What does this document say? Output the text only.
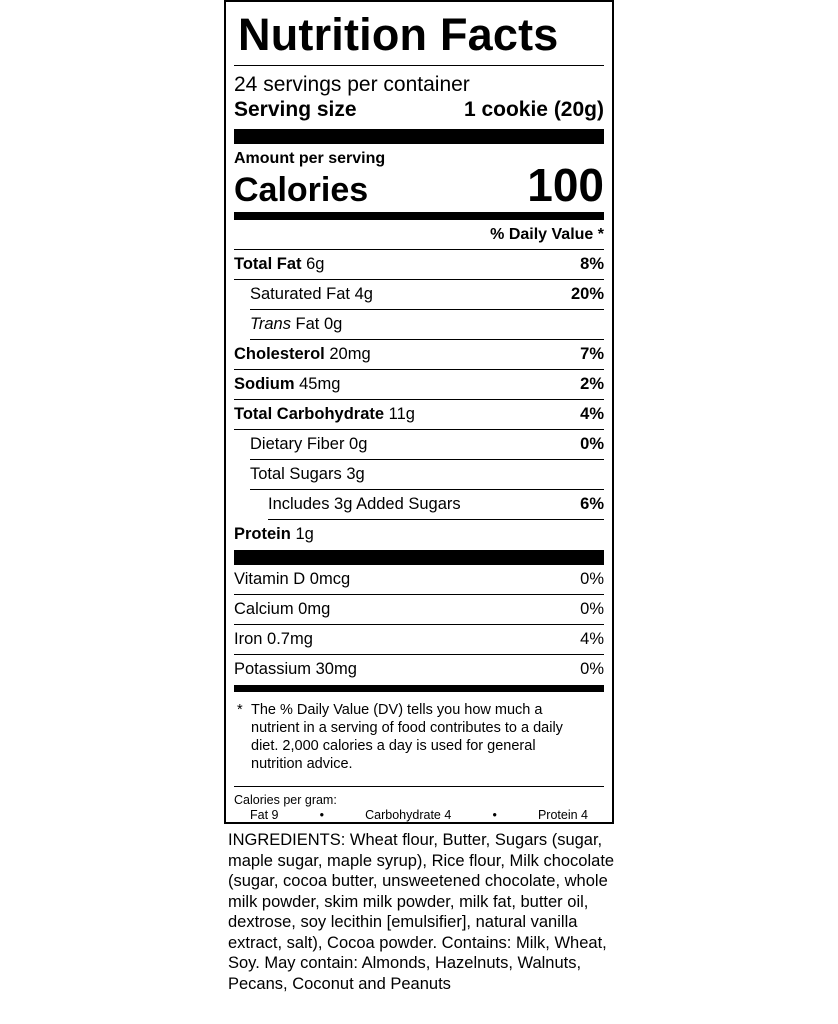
Nutrition Facts
24 servings per container
Serving size	1 cookie (20g)
Amount per serving
Calories	100
% Daily Value *
Total Fat 6g	8%
Saturated Fat 4g	20%
Trans Fat 0g
Cholesterol 20mg	7%
Sodium 45mg	2%
Total Carbohydrate 11g	4%
Dietary Fiber 0g	0%
Total Sugars 3g
Includes 3g Added Sugars	6%
Protein 1g
Vitamin D 0mcg	0%
Calcium 0mg	0%
Iron 0.7mg	4%
Potassium 30mg	0%
* The % Daily Value (DV) tells you how much a nutrient in a serving of food contributes to a daily diet. 2,000 calories a day is used for general nutrition advice.
Calories per gram:
Fat 9	•	Carbohydrate 4	•	Protein 4
INGREDIENTS: Wheat flour, Butter, Sugars (sugar, maple sugar, maple syrup), Rice flour, Milk chocolate (sugar, cocoa butter, unsweetened chocolate, whole milk powder, skim milk powder, milk fat, butter oil, dextrose, soy lecithin [emulsifier], natural vanilla extract, salt), Cocoa powder. Contains: Milk, Wheat, Soy. May contain: Almonds, Hazelnuts, Walnuts, Pecans, Coconut and Peanuts
